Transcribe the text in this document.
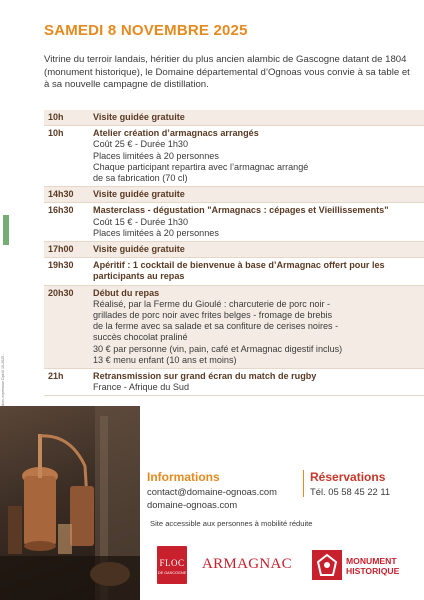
SAMEDI 8 NOVEMBRE 2025
Vitrine du terroir landais, héritier du plus ancien alambic de Gascogne datant de 1804 (monument historique), le Domaine départemental d’Ognoas vous convie à sa table et à sa nouvelle campagne de distillation.
10h	Visite guidée gratuite
10h	Atelier création d’armagnacs arrangés
Coût 25 € - Durée 1h30
Places limitées à 20 personnes
Chaque participant repartira avec l’armagnac arrangé
de sa fabrication (70 cl)
14h30	Visite guidée gratuite
16h30	Masterclass - dégustation "Armagnacs : cépages et Vieillissements"
Coût 15 € - Durée 1h30
Places limitées à 20 personnes
17h00	Visite guidée gratuite
19h30	Apéritif : 1 cocktail de bienvenue à base d’Armagnac offert pour les participants au repas
20h30	Début du repas
Réalisé, par la Ferme du Gioulé : charcuterie de porc noir -
grillades de porc noir avec frites belges - fromage de brebis
de la ferme avec sa salade et sa confiture de cerises noires -
succès chocolat praliné
30 € par personne (vin, pain, café et Armagnac digestif inclus)
13 € menu enfant (10 ans et moins)
21h	Retransmission sur grand écran du match de rugby
France - Afrique du Sud
Informations
contact@domaine-ognoas.com
domaine-ognoas.com
Réservations
Tél. 05 58 45 22 11
Site accessible aux personnes à mobilité réduite
FLOC
DE GASCOGNE
ARMAGNAC	MONUMENT
HISTORIQUE
